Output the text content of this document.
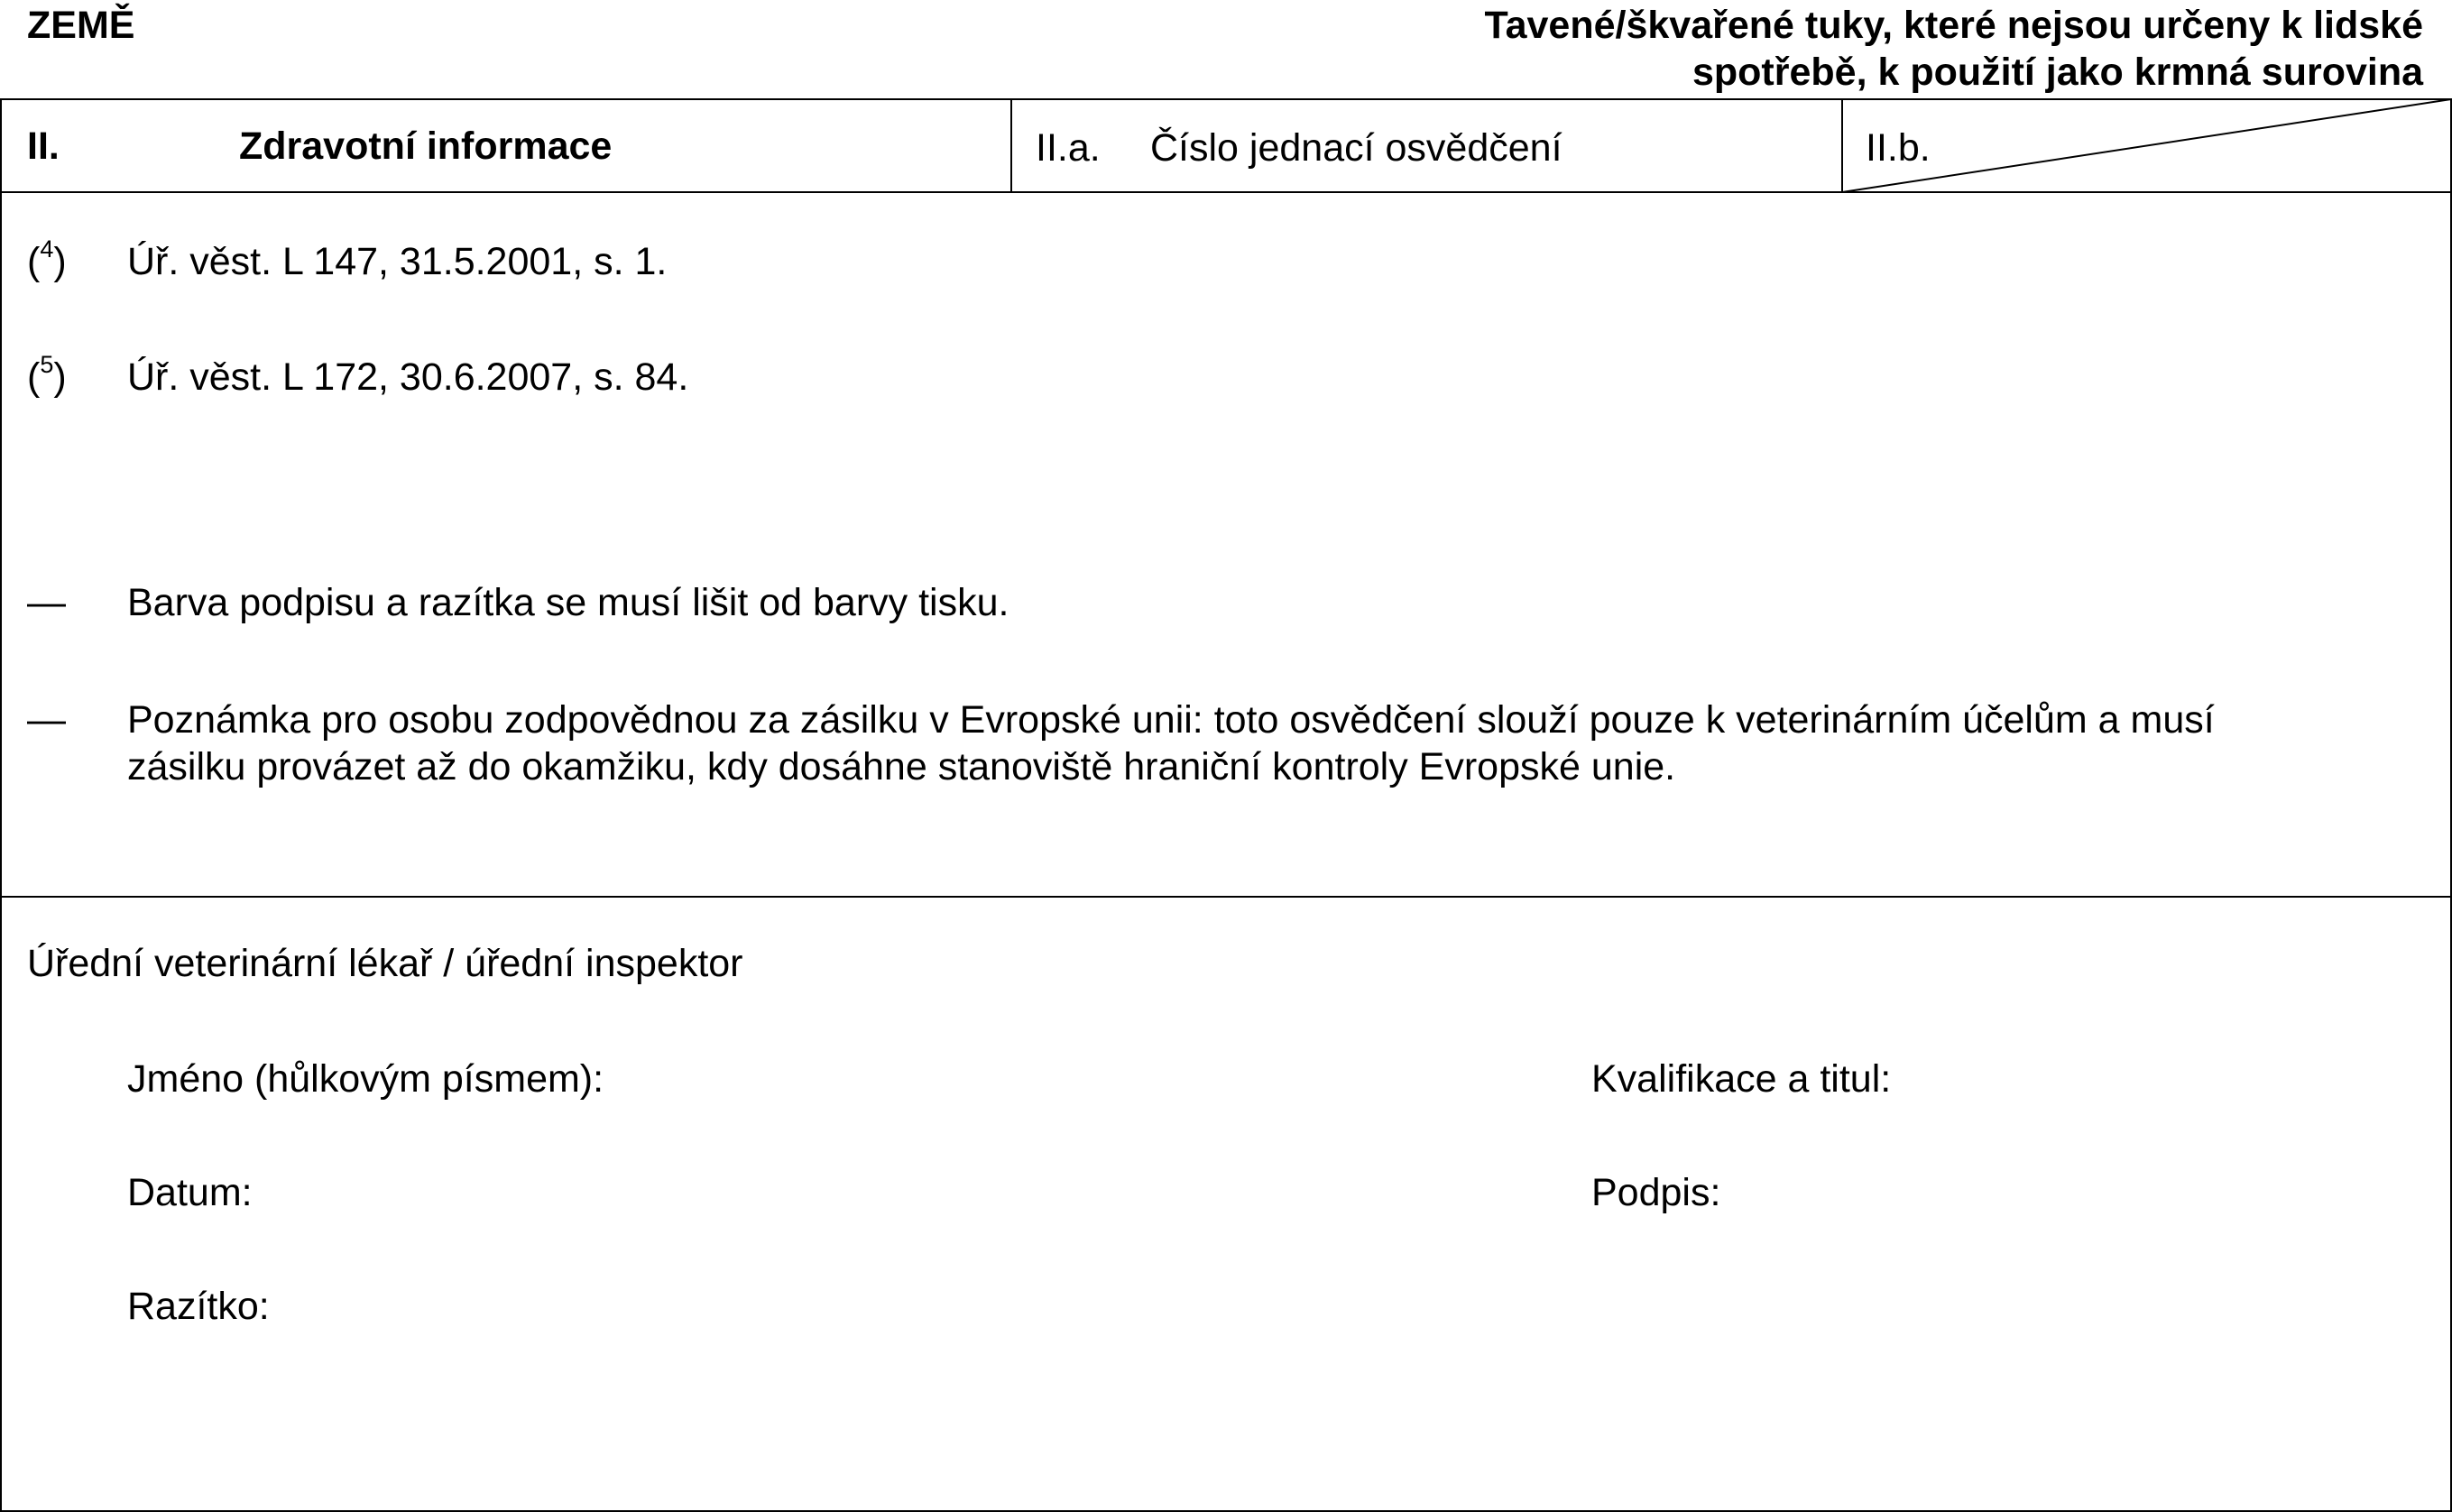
ZEMĚ	Tavené/škvařené tuky, které nejsou určeny k lidské
spotřebě, k použití jako krmná surovina
II.	Zdravotní informace	II.a. Číslo jednací osvědčení	II.b.
($^4$) Úř. věst. L 147, 31.5.2001, s. 1.
($^5$) Úř. věst. L 172, 30.6.2007, s. 84.
— Barva podpisu a razítka se musí lišit od barvy tisku.
— Poznámka pro osobu zodpovědnou za zásilku v Evropské unii: toto osvědčení slouží pouze k veterinárním účelům a musí
zásilku provázet až do okamžiku, kdy dosáhne stanoviště hraniční kontroly Evropské unie.
Úřední veterinární lékař / úřední inspektor
Jméno (hůlkovým písmem):	Kvalifikace a titul:
Datum:	Podpis:
Razítko:
